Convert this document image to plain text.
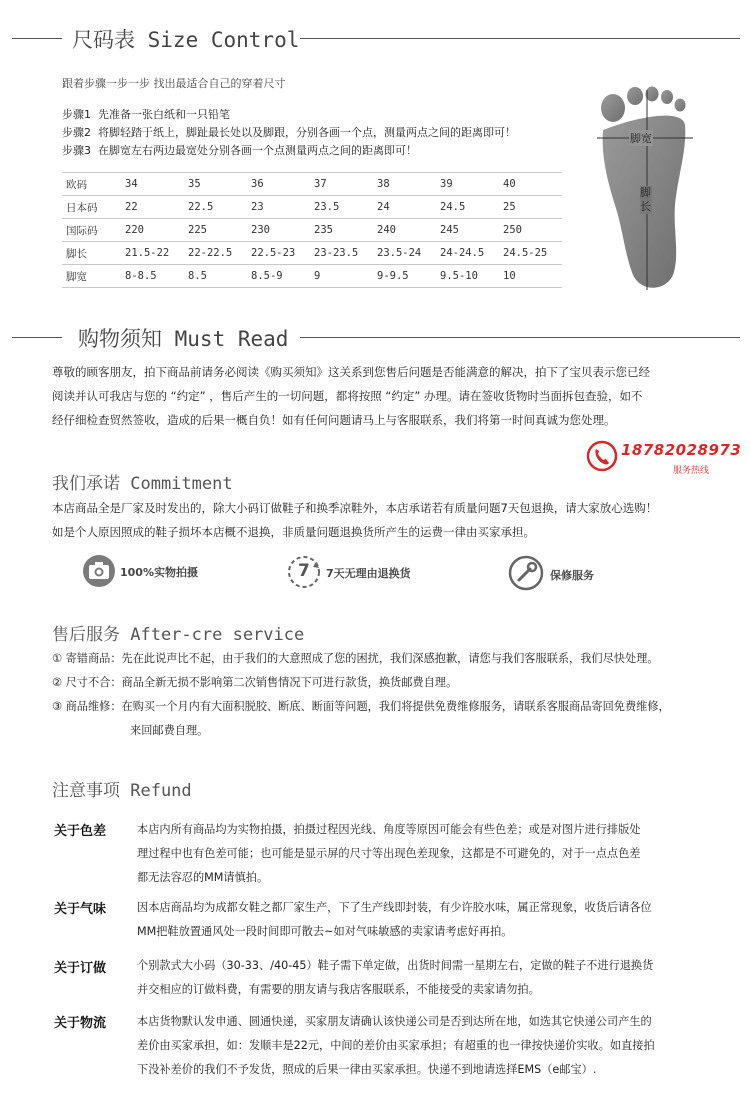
尺码表 Size Control
跟着步骤一步一步 找出最适合自己的穿着尺寸
步骤1  先准备一张白纸和一只铅笔
步骤2  将脚轻踏于纸上，脚趾最长处以及脚跟，分别各画一个点，测量两点之间的距离即可！
步骤3  在脚宽左右两边最宽处分别各画一个点测量两点之间的距离即可！
欧码	34	35	36	37	38	39	40
日本码	22	22.5	23	23.5	24	24.5	25
国际码	220	225	230	235	240	245	250
脚长	21.5-22	22-22.5	22.5-23	23-23.5	23.5-24	24-24.5	24.5-25
脚宽	8-8.5	8.5	8.5-9	9	9-9.5	9.5-10	10
脚宽
脚长
购物须知 Must Read
尊敬的顾客朋友，拍下商品前请务必阅读《购买须知》这关系到您售后问题是否能满意的解决，拍下了宝贝表示您已经
阅读并认可我店与您的 “约定” ，售后产生的一切问题，都将按照 “约定” 办理。请在签收货物时当面拆包查验，如不
经仔细检查贸然签收，造成的后果一概自负！如有任何问题请马上与客服联系，我们将第一时间真诚为您处理。
18782028973
服务热线
我们承诺 Commitment
本店商品全是厂家及时发出的，除大小码订做鞋子和换季凉鞋外，本店承诺若有质量问题7天包退换，请大家放心选购！
如是个人原因照成的鞋子损坏本店概不退换，非质量问题退换货所产生的运费一律由买家承担。
100%实物拍摄	7 7天无理由退换货	保修服务
售后服务 After-cre service
① 寄错商品：先在此说声比不起，由于我们的大意照成了您的困扰，我们深感抱歉，请您与我们客服联系，我们尽快处理。
② 尺寸不合：商品全新无损不影响第二次销售情况下可进行款货，换货邮费自理。
③ 商品维修：在购买一个月内有大面积脱胶、断底、断面等问题，我们将提供免费维修服务，请联系客服商品寄回免费维修，
来回邮费自理。
注意事项 Refund
关于色差	本店内所有商品均为实物拍摄，拍摄过程因光线、角度等原因可能会有些色差；或是对图片进行排版处
理过程中也有色差可能；也可能是显示屏的尺寸等出现色差现象，这都是不可避免的，对于一点点色差
都无法容忍的MM请慎拍。
关于气味	因本店商品均为成都女鞋之都厂家生产，下了生产线即封装，有少许胶水味，属正常现象，收货后请各位
MM把鞋放置通风处一段时间即可散去~如对气味敏感的卖家请考虑好再拍。
关于订做	个别款式大小码（30-33、/40-45）鞋子需下单定做，出货时间需一星期左右，定做的鞋子不进行退换货
并交相应的订做料费，有需要的朋友请与我店客服联系，不能接受的卖家请勿拍。
关于物流	本店货物默认发申通、圆通快递，买家朋友请确认该快递公司是否到达所在地，如选其它快递公司产生的
差价由买家承担，如：发顺丰是22元，中间的差价由买家承担；有超重的也一律按快递价实收。如直接拍
下没补差价的我们不予发货，照成的后果一律由买家承担。快递不到地请选择EMS（e邮宝）.
